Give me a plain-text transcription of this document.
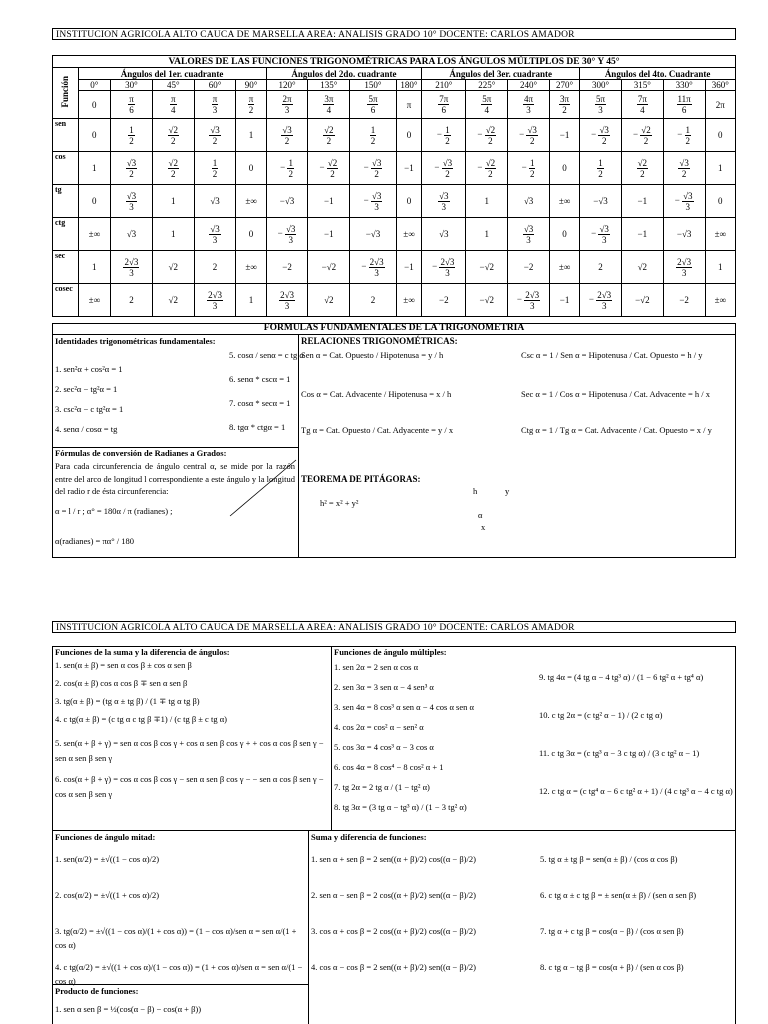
INSTITUCION AGRICOLA ALTO CAUCA DE MARSELLA AREA: ANALISIS GRADO 10° DOCENTE: CARLOS AMADOR
VALORES DE LAS FUNCIONES TRIGONOMÉTRICAS PARA LOS ÁNGULOS MÚLTIPLOS DE 30° Y 45°																	
Función	Ángulos del 1er. cuadrante					Ángulos del 2do. cuadrante				Ángulos del 3er. cuadrante				Ángulos del 4to. Cuadrante			
	0°	30°	45°	60°	90°	120°	135°	150°	180°	210°	225°	240°	270°	300°	315°	330°	360°
	0	$\frac{\pi}{6}$	$\frac{\pi}{4}$	$\frac{\pi}{3}$	$\frac{\pi}{2}$	$\frac{2\pi}{3}$	$\frac{3\pi}{4}$	$\frac{5\pi}{6}$	π	$\frac{7\pi}{6}$	$\frac{5\pi}{4}$	$\frac{4\pi}{3}$	$\frac{3\pi}{2}$	$\frac{5\pi}{3}$	$\frac{7\pi}{4}$	$\frac{11\pi}{6}$	2π
sen	0	$\frac{1}{2}$	$\frac{√2}{2}$	$\frac{√3}{2}$	1	$\frac{√3}{2}$	$\frac{√2}{2}$	$\frac{1}{2}$	0	− $\frac{1}{2}$	− $\frac{√2}{2}$	− $\frac{√3}{2}$	−1	− $\frac{√3}{2}$	− $\frac{√2}{2}$	− $\frac{1}{2}$	0
cos	1	$\frac{√3}{2}$	$\frac{√2}{2}$	$\frac{1}{2}$	0	− $\frac{1}{2}$	− $\frac{√2}{2}$	− $\frac{√3}{2}$	−1	− $\frac{√3}{2}$	− $\frac{√2}{2}$	− $\frac{1}{2}$	0	$\frac{1}{2}$	$\frac{√2}{2}$	$\frac{√3}{2}$	1
tg	0	$\frac{√3}{3}$	1	√3	±∞	−√3	−1	− $\frac{√3}{3}$	0	$\frac{√3}{3}$	1	√3	±∞	−√3	−1	− $\frac{√3}{3}$	0
ctg	±∞	√3	1	$\frac{√3}{3}$	0	− $\frac{√3}{3}$	−1	−√3	±∞	√3	1	$\frac{√3}{3}$	0	− $\frac{√3}{3}$	−1	−√3	±∞
sec	1	$\frac{2√3}{3}$	√2	2	±∞	−2	−√2	− $\frac{2√3}{3}$	−1	− $\frac{2√3}{3}$	−√2	−2	±∞	2	√2	$\frac{2√3}{3}$	1
cosec	±∞	2	√2	$\frac{2√3}{3}$	1	$\frac{2√3}{3}$	√2	2	±∞	−2	−√2	− $\frac{2√3}{3}$	−1	− $\frac{2√3}{3}$	−√2	−2	±∞
FORMULAS FUNDAMENTALES DE LA TRIGONOMETRIA
Identidades trigonométricas fundamentales:
1. sen²α + cos²α = 1
2. sec²α − tg²α = 1
3. csc²α − c tg²α = 1
4. senα / cosα = tg
5. cosα / senα = c tg α
6. senα * cscα = 1
7. cosα * secα = 1
8. tgα * ctgα = 1
Fórmulas de conversión de Radianes a Grados:
Para cada circunferencia de ángulo central α, se mide por la razón entre del arco de longitud l correspondiente a este ángulo y la longitud del radio r de ésta circunferencia:
α = l / r ; α° = 180α / π (radianes) ;
α(radianes) = πα° / 180
RELACIONES TRIGONOMÉTRICAS:
Sen α = Cat. Opuesto / Hipotenusa = y / h	Csc α = 1 / Sen α = Hipotenusa / Cat. Opuesto = h / y
Cos α = Cat. Advacente / Hipotenusa = x / h	Sec α = 1 / Cos α = Hipotenusa / Cat. Advacente = h / x
Tg α = Cat. Opuesto / Cat. Adyacente = y / x	Ctg α = 1 / Tg α = Cat. Advacente / Cat. Opuesto = x / y
TEOREMA DE PITÁGORAS:
h² = x² + y²
h	y
α
x
INSTITUCION AGRICOLA ALTO CAUCA DE MARSELLA AREA: ANALISIS GRADO 10° DOCENTE: CARLOS AMADOR
Funciones de la suma y la diferencia de ángulos:
1. sen(α ± β) = sen α cos β ± cos α sen β
2. cos(α ± β) cos α cos β ∓ sen α sen β
3. tg(α ± β) = (tg α ± tg β) / (1 ∓ tg α tg β)
4. c tg(α ± β) = (c tg α c tg β ∓1) / (c tg β ± c tg α)
5. sen(α + β + γ) = sen α cos β cos γ + cos α sen β cos γ + + cos α cos β sen γ − sen α sen β sen γ
6. cos(α + β + γ) = cos α cos β cos γ − sen α sen β cos γ − − sen α cos β sen γ − cos α sen β sen γ
Funciones de ángulo múltiples:
1. sen 2α = 2 sen α cos α
2. sen 3α = 3 sen α − 4 sen³ α
3. sen 4α = 8 cos³ α sen α − 4 cos α sen α
4. cos 2α = cos² α − sen² α
5. cos 3α = 4 cos³ α − 3 cos α
6. cos 4α = 8 cos⁴ − 8 cos² α + 1
7. tg 2α = 2 tg α / (1 − tg² α)
8. tg 3α = (3 tg α − tg³ α) / (1 − 3 tg² α)
9. tg 4α = (4 tg α − 4 tg³ α) / (1 − 6 tg² α + tg⁴ α)
10. c tg 2α = (c tg² α − 1) / (2 c tg α)
11. c tg 3α = (c tg³ α − 3 c tg α) / (3 c tg² α − 1)
12. c tg α = (c tg⁴ α − 6 c tg² α + 1) / (4 c tg³ α − 4 c tg α)
Funciones de ángulo mitad:
1. sen(α/2) = ±√((1 − cos α)/2)
2. cos(α/2) = ±√((1 + cos α)/2)
3. tg(α/2) = ±√((1 − cos α)/(1 + cos α)) = (1 − cos α)/sen α = sen α/(1 + cos α)
4. c tg(α/2) = ±√((1 + cos α)/(1 − cos α)) = (1 + cos α)/sen α = sen α/(1 − cos α)
Suma y diferencia de funciones:
1. sen α + sen β = 2 sen((α + β)/2) cos((α − β)/2)
2. sen α − sen β = 2 cos((α + β)/2) sen((α − β)/2)
3. cos α + cos β = 2 cos((α + β)/2) cos((α − β)/2)
4. cos α − cos β = 2 sen((α + β)/2) sen((α − β)/2)
5. tg α ± tg β = sen(α ± β) / (cos α cos β)
6. c tg α ± c tg β = ± sen(α ± β) / (sen α sen β)
7. tg α + c tg β = cos(α − β) / (cos α sen β)
8. c tg α − tg β = cos(α + β) / (sen α cos β)
Producto de funciones:
1. sen α sen β = ½(cos(α − β) − cos(α + β))
